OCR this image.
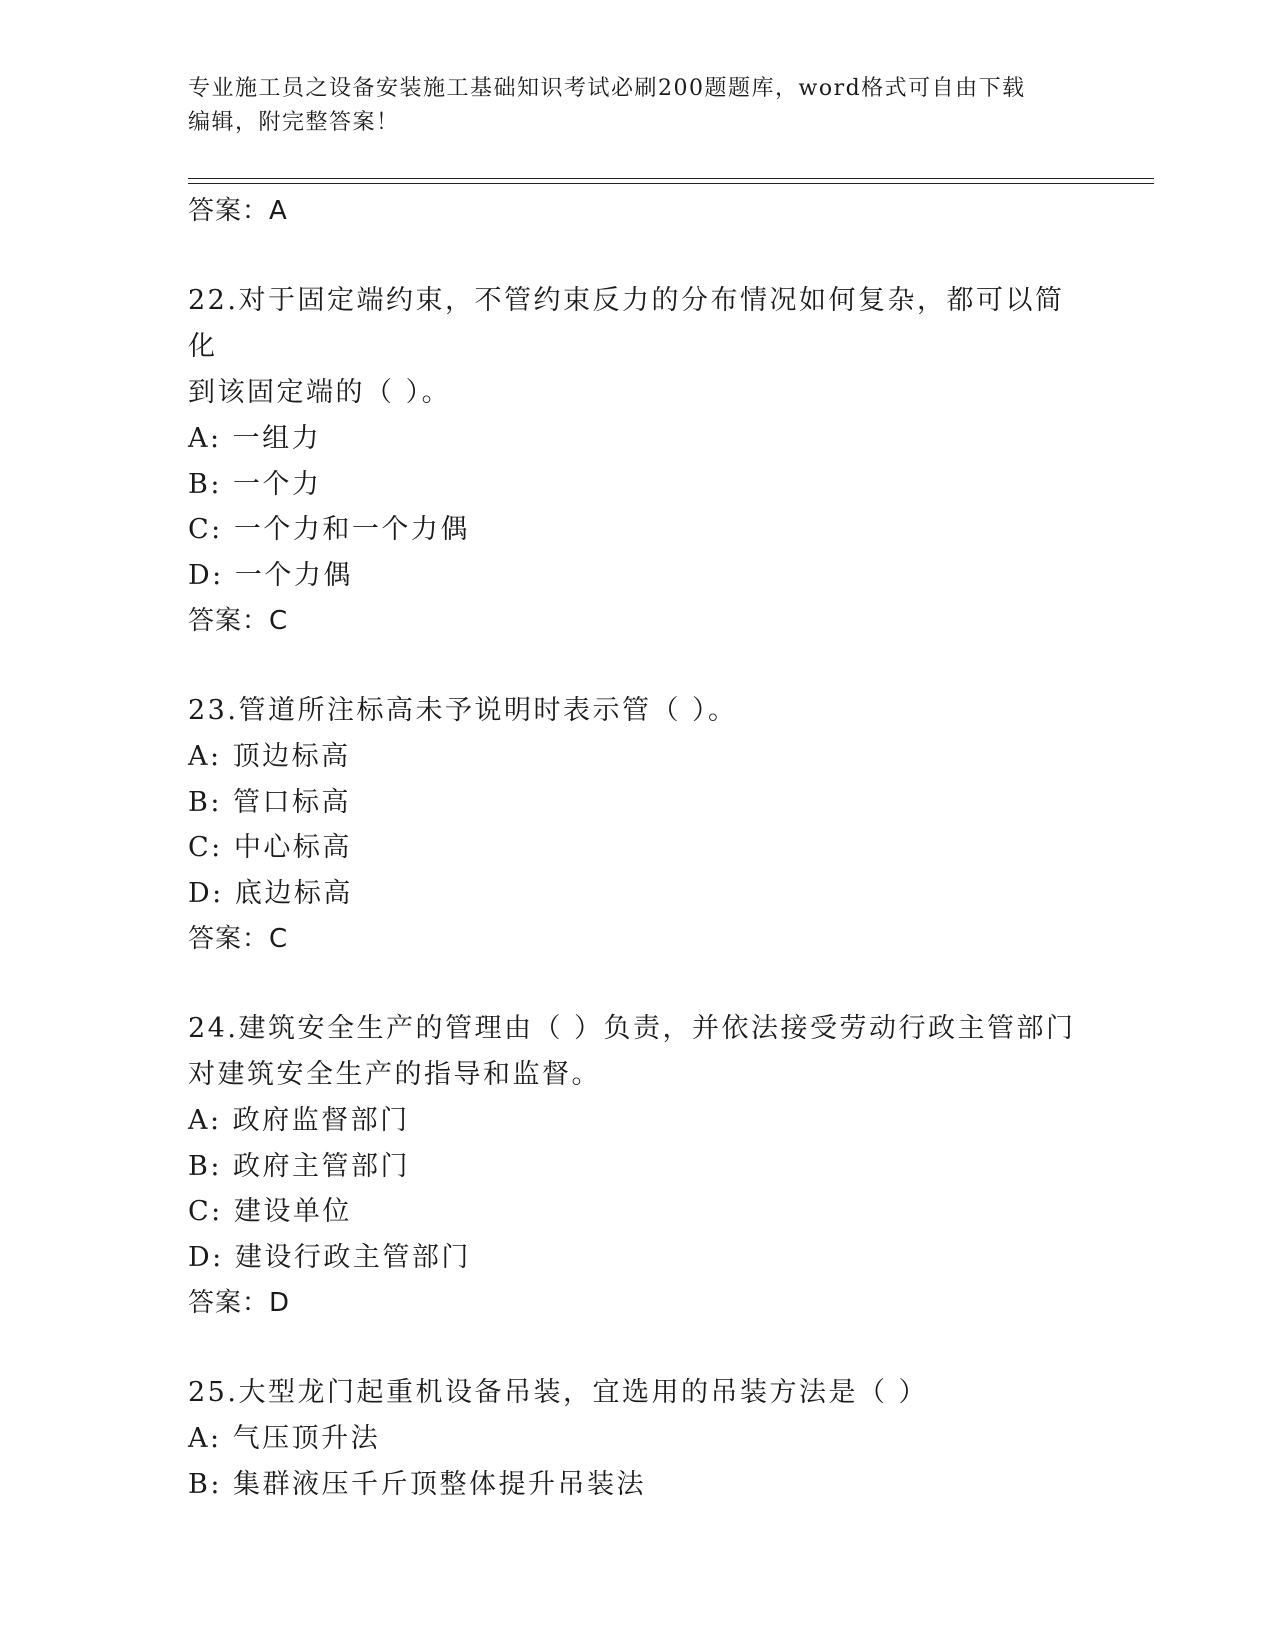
专业施工员之设备安装施工基础知识考试必刷200题题库，word格式可自由下载
编辑，附完整答案！
答案：A
22.对于固定端约束，不管约束反力的分布情况如何复杂，都可以简化
到该固定端的（ ）。
A: 一组力
B: 一个力
C: 一个力和一个力偶
D: 一个力偶
答案：C
23.管道所注标高未予说明时表示管（ ）。
A: 顶边标高
B: 管口标高
C: 中心标高
D: 底边标高
答案：C
24.建筑安全生产的管理由（ ）负责，并依法接受劳动行政主管部门
对建筑安全生产的指导和监督。
A: 政府监督部门
B: 政府主管部门
C: 建设单位
D: 建设行政主管部门
答案：D
25.大型龙门起重机设备吊装，宜选用的吊装方法是（ ）
A: 气压顶升法
B: 集群液压千斤顶整体提升吊装法
